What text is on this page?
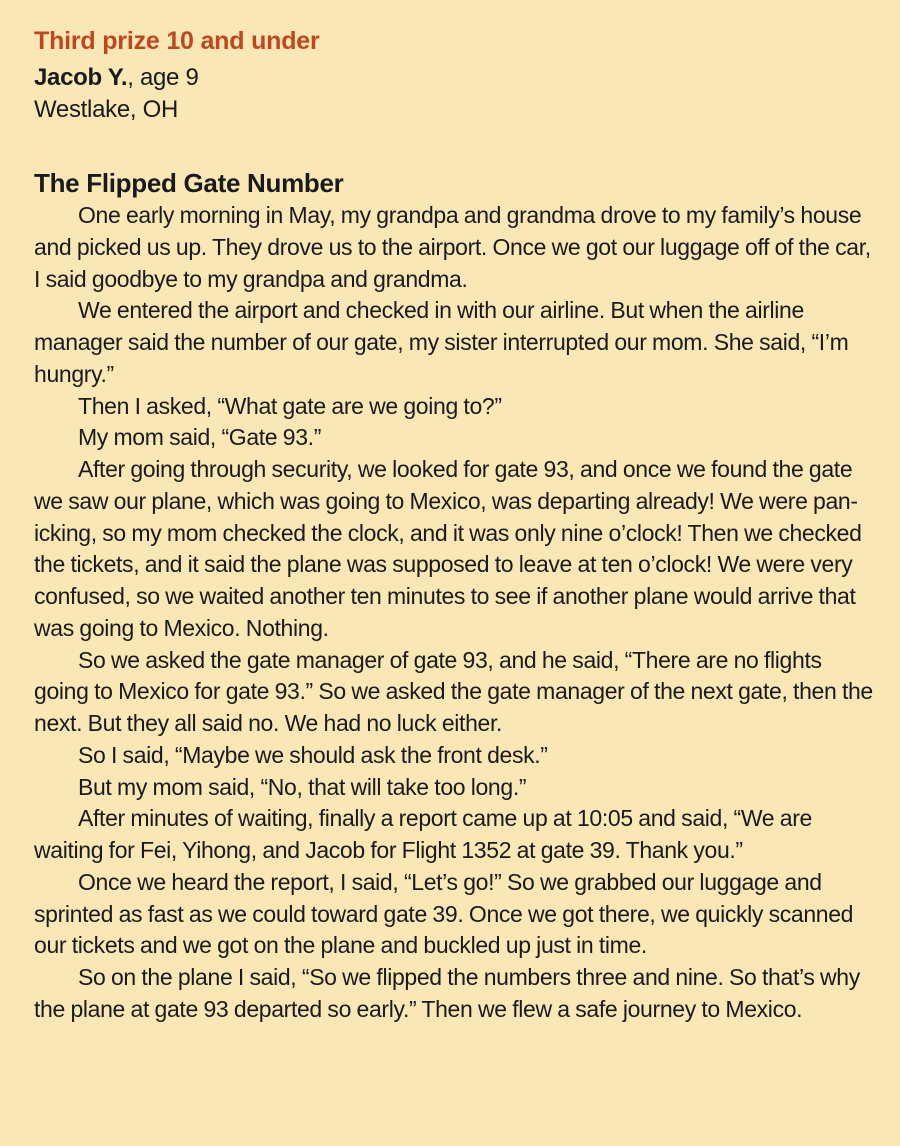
Third prize 10 and under

Jacob Y., age 9

Westlake, OH

The Flipped Gate Number

One early morning in May, my grandpa and grandma drove to my family’s house and picked us up. They drove us to the airport. Once we got our luggage off of the car, I said goodbye to my grandpa and grandma.

We entered the airport and checked in with our airline. But when the airline manager said the number of our gate, my sister interrupted our mom. She said, “I’m hungry.”

Then I asked, “What gate are we going to?”

My mom said, “Gate 93.”

After going through security, we looked for gate 93, and once we found the gate we saw our plane, which was going to Mexico, was departing already! We were pan-icking, so my mom checked the clock, and it was only nine o’clock! Then we checked the tickets, and it said the plane was supposed to leave at ten o’clock! We were very confused, so we waited another ten minutes to see if another plane would arrive that was going to Mexico. Nothing.

So we asked the gate manager of gate 93, and he said, “There are no flights going to Mexico for gate 93.” So we asked the gate manager of the next gate, then the next. But they all said no. We had no luck either.

So I said, “Maybe we should ask the front desk.”

But my mom said, “No, that will take too long.”

After minutes of waiting, finally a report came up at 10:05 and said, “We are waiting for Fei, Yihong, and Jacob for Flight 1352 at gate 39. Thank you.”

Once we heard the report, I said, “Let’s go!” So we grabbed our luggage and sprinted as fast as we could toward gate 39. Once we got there, we quickly scanned our tickets and we got on the plane and buckled up just in time.

So on the plane I said, “So we flipped the numbers three and nine. So that’s why the plane at gate 93 departed so early.” Then we flew a safe journey to Mexico.
